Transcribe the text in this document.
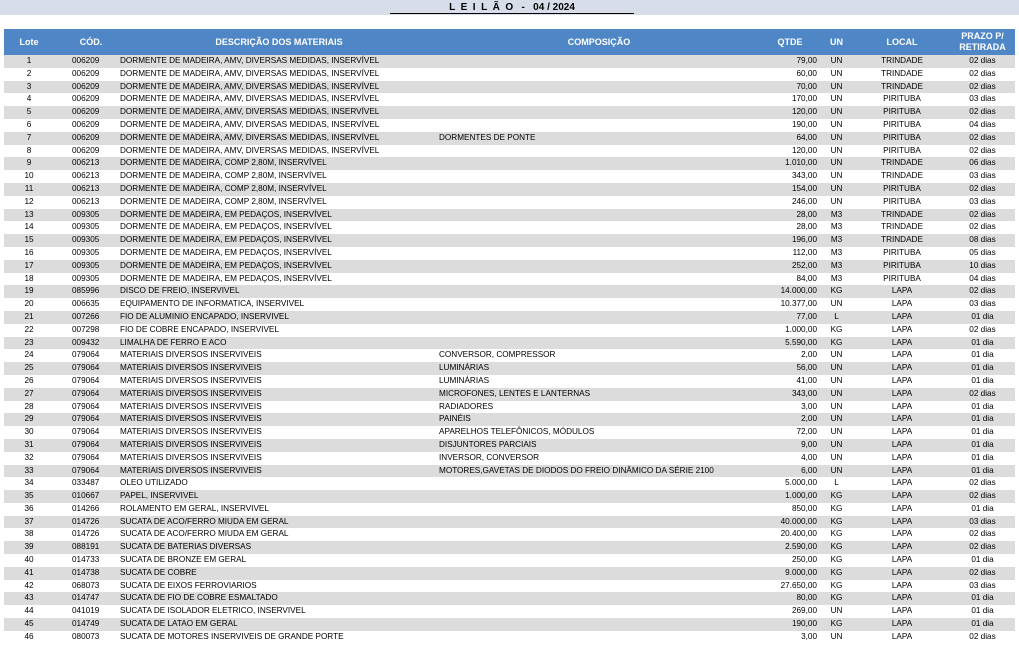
L  E  I  L  Ã  O   -   04 / 2024
Lote	CÓD.	DESCRIÇÃO DOS MATERIAIS	COMPOSIÇÃO	QTDE	UN	LOCAL
PRAZO P/
RETIRADA
1	006209	DORMENTE DE MADEIRA, AMV, DIVERSAS MEDIDAS, INSERVÍVEL	79,00	UN	TRINDADE	02 dias
2	006209	DORMENTE DE MADEIRA, AMV, DIVERSAS MEDIDAS, INSERVÍVEL	60,00	UN	TRINDADE	02 dias
3	006209	DORMENTE DE MADEIRA, AMV, DIVERSAS MEDIDAS, INSERVÍVEL	70,00	UN	TRINDADE	02 dias
4	006209	DORMENTE DE MADEIRA, AMV, DIVERSAS MEDIDAS, INSERVÍVEL	170,00	UN	PIRITUBA	03 dias
5	006209	DORMENTE DE MADEIRA, AMV, DIVERSAS MEDIDAS, INSERVÍVEL	120,00	UN	PIRITUBA	02 dias
6	006209	DORMENTE DE MADEIRA, AMV, DIVERSAS MEDIDAS, INSERVÍVEL	190,00	UN	PIRITUBA	04 dias
7	006209	DORMENTE DE MADEIRA, AMV, DIVERSAS MEDIDAS, INSERVÍVEL	DORMENTES DE PONTE	64,00	UN	PIRITUBA	02 dias
8	006209	DORMENTE DE MADEIRA, AMV, DIVERSAS MEDIDAS, INSERVÍVEL	120,00	UN	PIRITUBA	02 dias
9	006213	DORMENTE DE MADEIRA, COMP 2,80M, INSERVÍVEL	1.010,00	UN	TRINDADE	06 dias
10	006213	DORMENTE DE MADEIRA, COMP 2,80M, INSERVÍVEL	343,00	UN	TRINDADE	03 dias
11	006213	DORMENTE DE MADEIRA, COMP 2,80M, INSERVÍVEL	154,00	UN	PIRITUBA	02 dias
12	006213	DORMENTE DE MADEIRA, COMP 2,80M, INSERVÍVEL	246,00	UN	PIRITUBA	03 dias
13	009305	DORMENTE DE MADEIRA, EM PEDAÇOS, INSERVÍVEL	28,00	M3	TRINDADE	02 dias
14	009305	DORMENTE DE MADEIRA, EM PEDAÇOS, INSERVÍVEL	28,00	M3	TRINDADE	02 dias
15	009305	DORMENTE DE MADEIRA, EM PEDAÇOS, INSERVÍVEL	196,00	M3	TRINDADE	08 dias
16	009305	DORMENTE DE MADEIRA, EM PEDAÇOS, INSERVÍVEL	112,00	M3	PIRITUBA	05 dias
17	009305	DORMENTE DE MADEIRA, EM PEDAÇOS, INSERVÍVEL	252,00	M3	PIRITUBA	10 dias
18	009305	DORMENTE DE MADEIRA, EM PEDAÇOS, INSERVÍVEL	84,00	M3	PIRITUBA	04 dias
19	085996	DISCO DE FREIO, INSERVIVEL	14.000,00	KG	LAPA	02 dias
20	006635	EQUIPAMENTO DE INFORMATICA, INSERVIVEL	10.377,00	UN	LAPA	03 dias
21	007266	FIO DE ALUMINIO ENCAPADO, INSERVIVEL	77,00	L	LAPA	01 dia
22	007298	FIO DE COBRE ENCAPADO, INSERVIVEL	1.000,00	KG	LAPA	02 dias
23	009432	LIMALHA DE FERRO E ACO	5.590,00	KG	LAPA	01 dia
24	079064	MATERIAIS DIVERSOS INSERVIVEIS	CONVERSOR, COMPRESSOR	2,00	UN	LAPA	01 dia
25	079064	MATERIAIS DIVERSOS INSERVIVEIS	LUMINÁRIAS	56,00	UN	LAPA	01 dia
26	079064	MATERIAIS DIVERSOS INSERVIVEIS	LUMINÁRIAS	41,00	UN	LAPA	01 dia
27	079064	MATERIAIS DIVERSOS INSERVIVEIS	MICROFONES, LENTES E LANTERNAS	343,00	UN	LAPA	02 dias
28	079064	MATERIAIS DIVERSOS INSERVIVEIS	RADIADORES	3,00	UN	LAPA	01 dia
29	079064	MATERIAIS DIVERSOS INSERVIVEIS	PAINÉIS	2,00	UN	LAPA	01 dia
30	079064	MATERIAIS DIVERSOS INSERVIVEIS	APARELHOS TELEFÔNICOS, MÓDULOS	72,00	UN	LAPA	01 dia
31	079064	MATERIAIS DIVERSOS INSERVIVEIS	DISJUNTORES PARCIAIS	9,00	UN	LAPA	01 dia
32	079064	MATERIAIS DIVERSOS INSERVIVEIS	INVERSOR, CONVERSOR	4,00	UN	LAPA	01 dia
33	079064	MATERIAIS DIVERSOS INSERVIVEIS	MOTORES,GAVETAS DE DIODOS DO FREIO DINÂMICO DA SÉRIE 2100	6,00	UN	LAPA	01 dia
34	033487	OLEO UTILIZADO	5.000,00	L	LAPA	02 dias
35	010667	PAPEL, INSERVIVEL	1.000,00	KG	LAPA	02 dias
36	014266	ROLAMENTO EM GERAL, INSERVIVEL	850,00	KG	LAPA	01 dia
37	014726	SUCATA DE ACO/FERRO MIUDA EM GERAL	40.000,00	KG	LAPA	03 dias
38	014726	SUCATA DE ACO/FERRO MIUDA EM GERAL	20.400,00	KG	LAPA	02 dias
39	088191	SUCATA DE BATERIAS DIVERSAS	2.590,00	KG	LAPA	02 dias
40	014733	SUCATA DE BRONZE EM GERAL	250,00	KG	LAPA	01 dia
41	014738	SUCATA DE COBRE	9.000,00	KG	LAPA	02 dias
42	068073	SUCATA DE EIXOS FERROVIARIOS	27.650,00	KG	LAPA	03 dias
43	014747	SUCATA DE FIO DE COBRE ESMALTADO	80,00	KG	LAPA	01 dia
44	041019	SUCATA DE ISOLADOR ELETRICO, INSERVIVEL	269,00	UN	LAPA	01 dia
45	014749	SUCATA DE LATAO EM GERAL	190,00	KG	LAPA	01 dia
46	080073	SUCATA DE MOTORES INSERVIVEIS DE GRANDE PORTE	3,00	UN	LAPA	02 dias
